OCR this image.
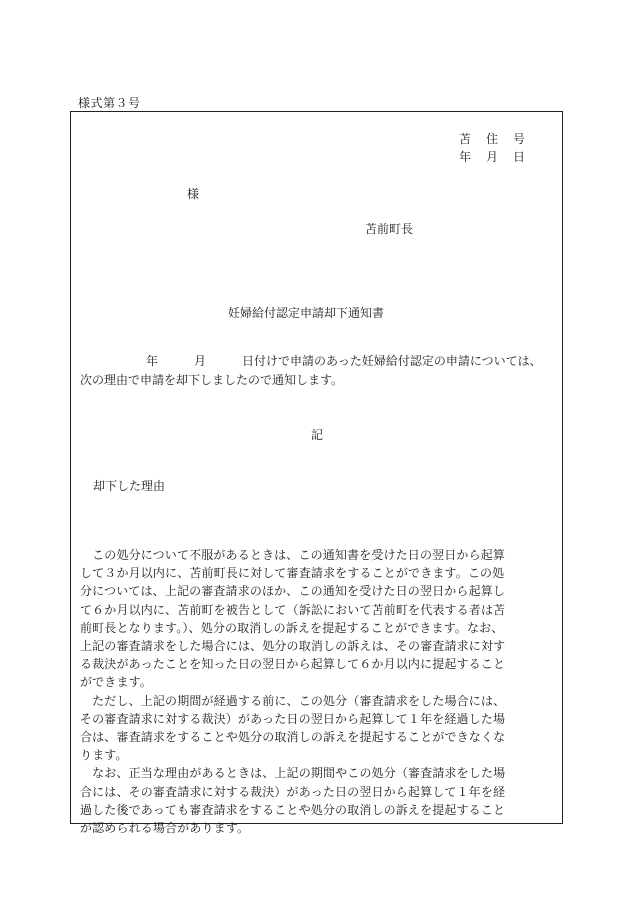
様式第３号
苫 住 号
年 月 日
様
苫前町長
妊婦給付認定申請却下通知書
年	月	日付けで申請のあった妊婦給付認定の申請については、
次の理由で申請を却下しましたので通知します。
記
却下した理由
　この処分について不服があるときは、この通知書を受けた日の翌日から起算
して３か月以内に、苫前町長に対して審査請求をすることができます。この処
分については、上記の審査請求のほか、この通知を受けた日の翌日から起算し
て６か月以内に、苫前町を被告として（訴訟において苫前町を代表する者は苫
前町長となります。）、処分の取消しの訴えを提起することができます。なお、
上記の審査請求をした場合には、処分の取消しの訴えは、その審査請求に対す
る裁決があったことを知った日の翌日から起算して６か月以内に提起すること
ができます。
　ただし、上記の期間が経過する前に、この処分（審査請求をした場合には、
その審査請求に対する裁決）があった日の翌日から起算して１年を経過した場
合は、審査請求をすることや処分の取消しの訴えを提起することができなくな
ります。
　なお、正当な理由があるときは、上記の期間やこの処分（審査請求をした場
合には、その審査請求に対する裁決）があった日の翌日から起算して１年を経
過した後であっても審査請求をすることや処分の取消しの訴えを提起すること
が認められる場合があります。
